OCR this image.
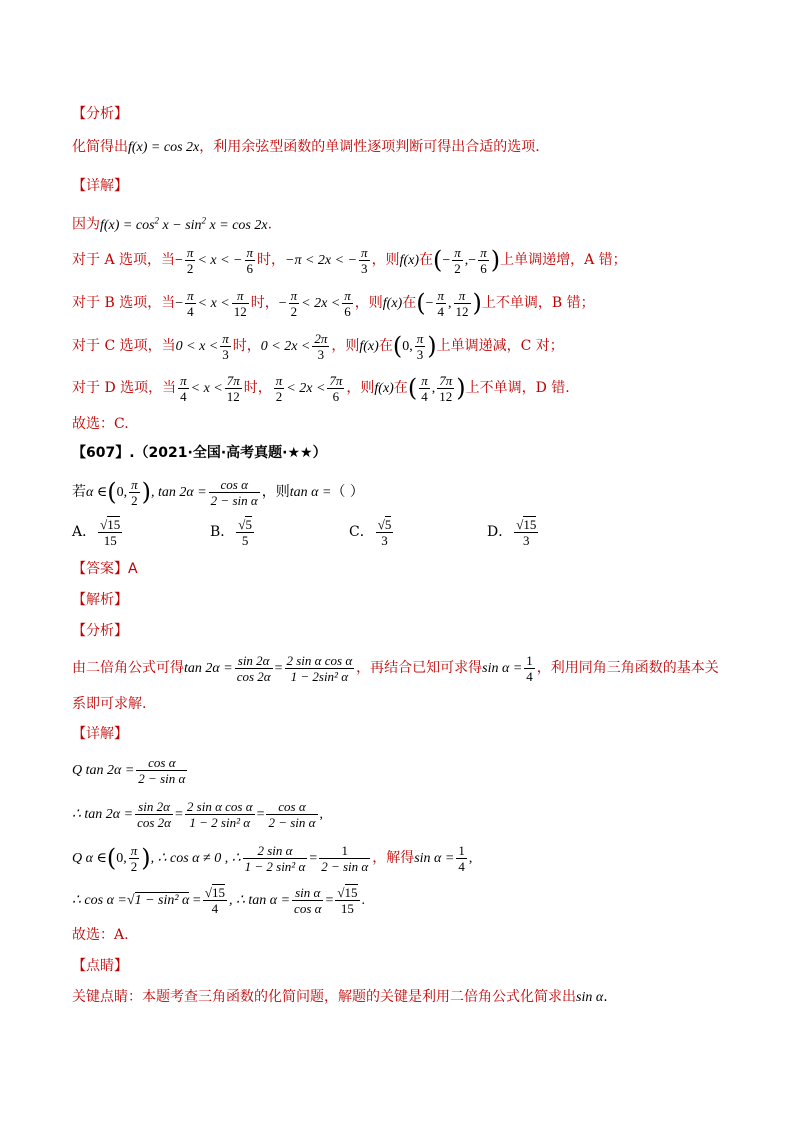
【分析】
化简得出f(x) = cos 2x，利用余弦型函数的单调性逐项判断可得出合适的选项.
【详解】
因为$f(x) = \cos^2 x - \sin^2 x = \cos 2x$.
对于 A 选项，当− $\frac{\pi}{2} < x$ < − $\frac{\pi}{6}$ 时，−π < 2x < − $\frac{\pi}{3}$ ，则f(x)在(− $\frac{\pi}{2}$ ,− $\frac{\pi}{6}$ )上单调递增，A 错；
对于 B 选项，当− $\frac{\pi}{4} < x < \frac{\pi}{12}$ 时，− $\frac{\pi}{2} < 2x < \frac{\pi}{6}$ ，则f(x)在(− $\frac{\pi}{4}$ , $\frac{\pi}{12}$ )上不单调，B 错；
对于 C 选项，当$0 < x < \frac{\pi}{3}$ 时，$0 < 2x < \frac{2\pi}{3}$ ，则f(x)在(0, $\frac{\pi}{3}$ )上单调递减，C 对；
对于 D 选项，当 $\frac{\pi}{4} < x < \frac{7\pi}{12}$ 时， $\frac{\pi}{2} < 2x < \frac{7\pi}{6}$ ，则f(x)在( $\frac{\pi}{4}$ , $\frac{7\pi}{12}$ )上不单调，D 错.
故选：C.
【607】.（2021·全国·高考真题·★★）
若α ∈(0, $\frac{\pi}{2}$ ), $\tan 2\alpha = \frac{\text{cos α}}{\text{2 − sin α}}$ ，则tan α =（ ）
A． $\frac{√15}{15}$	B． $\frac{√5}{5}$	C． $\frac{√5}{3}$	D． $\frac{√15}{3}$
【答案】A
【解析】
【分析】
由二倍角公式可得$\tan 2\alpha = \frac{\sin 2\alpha}{\cos 2\alpha} = \frac{\text{2 sin α cos α}}{\text{1 − 2sin² α}}$ ，再结合已知可求得$\sin \alpha = \frac{1}{4}$ ，利用同角三角函数的基本关
系即可求解.
【详解】
Q $\tan 2\alpha = \frac{\text{cos α}}{\text{2 − sin α}}$
∴ $\tan 2\alpha = \frac{\sin 2\alpha}{\cos 2\alpha} = \frac{\text{2 sin α cos α}}{\text{1 − 2 sin² α}} = \frac{\text{cos α}}{\text{2 − sin α}}$ ,
Q α ∈(0, $\frac{\pi}{2}$ ), ∴ cos α ≠ 0 , ∴ $\frac{\text{2 sin α}}{\text{1 − 2 sin² α}} = \frac{1}{\text{2 − sin α}}$ ，解得$\sin \alpha = \frac{1}{4}$ ,
∴ cos α =√1 − sin² $\alpha = \frac{√15}{4}$ , ∴ $\tan \alpha = \frac{\text{sin α}}{\text{cos α}} = \frac{√15}{15}$ .
故选：A.
【点睛】
关键点睛：本题考查三角函数的化简问题，解题的关键是利用二倍角公式化简求出sin α.
